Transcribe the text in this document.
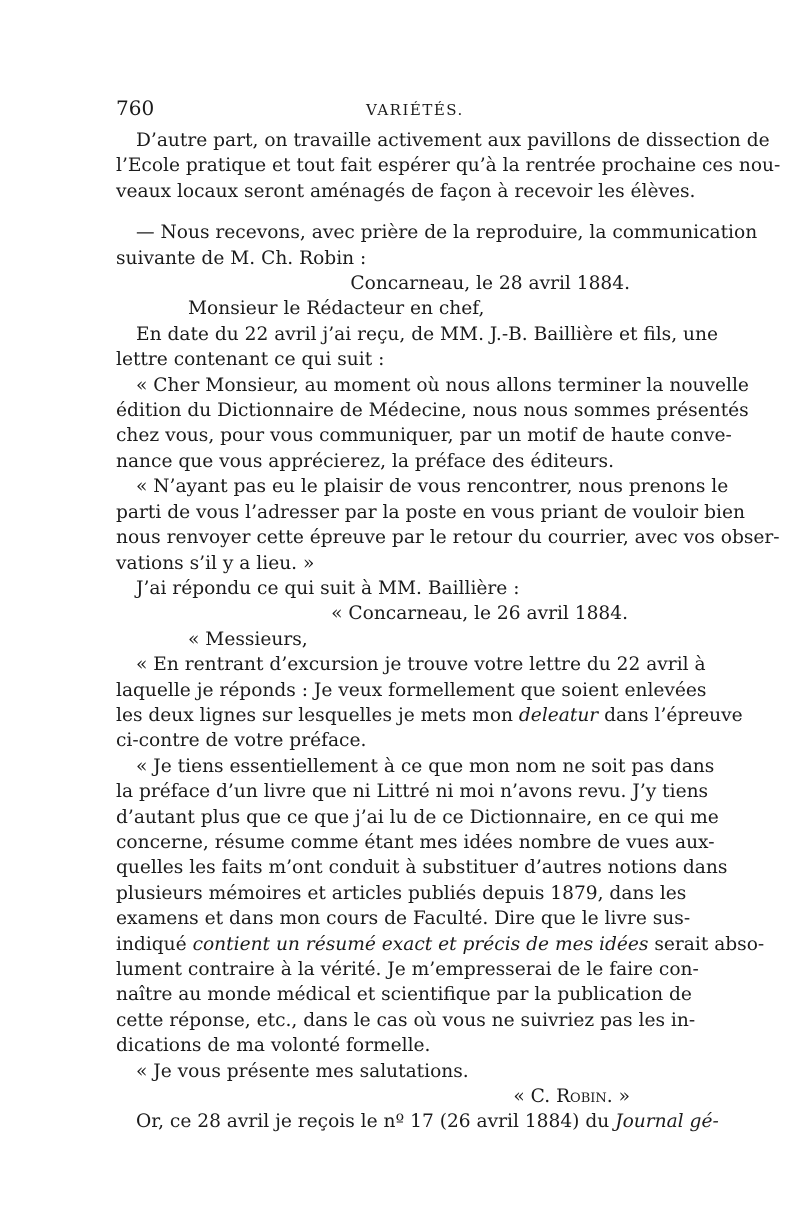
760	VARIÉTÉS.
D’autre part, on travaille activement aux pavillons de dissection de
l’Ecole pratique et tout fait espérer qu’à la rentrée prochaine ces nou-
veaux locaux seront aménagés de façon à recevoir les élèves.
— Nous recevons, avec prière de la reproduire, la communication
suivante de M. Ch. Robin :
Concarneau, le 28 avril 1884.
Monsieur le Rédacteur en chef,
En date du 22 avril j’ai reçu, de MM. J.-B. Baillière et fils, une
lettre contenant ce qui suit :
« Cher Monsieur, au moment où nous allons terminer la nouvelle
édition du Dictionnaire de Médecine, nous nous sommes présentés
chez vous, pour vous communiquer, par un motif de haute conve-
nance que vous apprécierez, la préface des éditeurs.
« N’ayant pas eu le plaisir de vous rencontrer, nous prenons le
parti de vous l’adresser par la poste en vous priant de vouloir bien
nous renvoyer cette épreuve par le retour du courrier, avec vos obser-
vations s’il y a lieu. »
J’ai répondu ce qui suit à MM. Baillière :
« Concarneau, le 26 avril 1884.
« Messieurs,
« En rentrant d’excursion je trouve votre lettre du 22 avril à
laquelle je réponds : Je veux formellement que soient enlevées
les deux lignes sur lesquelles je mets mon deleatur dans l’épreuve
ci-contre de votre préface.
« Je tiens essentiellement à ce que mon nom ne soit pas dans
la préface d’un livre que ni Littré ni moi n’avons revu. J’y tiens
d’autant plus que ce que j’ai lu de ce Dictionnaire, en ce qui me
concerne, résume comme étant mes idées nombre de vues aux-
quelles les faits m’ont conduit à substituer d’autres notions dans
plusieurs mémoires et articles publiés depuis 1879, dans les
examens et dans mon cours de Faculté. Dire que le livre sus-
indiqué contient un résumé exact et précis de mes idées serait abso-
lument contraire à la vérité. Je m’empresserai de le faire con-
naître au monde médical et scientifique par la publication de
cette réponse, etc., dans le cas où vous ne suivriez pas les in-
dications de ma volonté formelle.
« Je vous présente mes salutations.
« C. Robin. »
Or, ce 28 avril je reçois le nº 17 (26 avril 1884) du Journal gé-
